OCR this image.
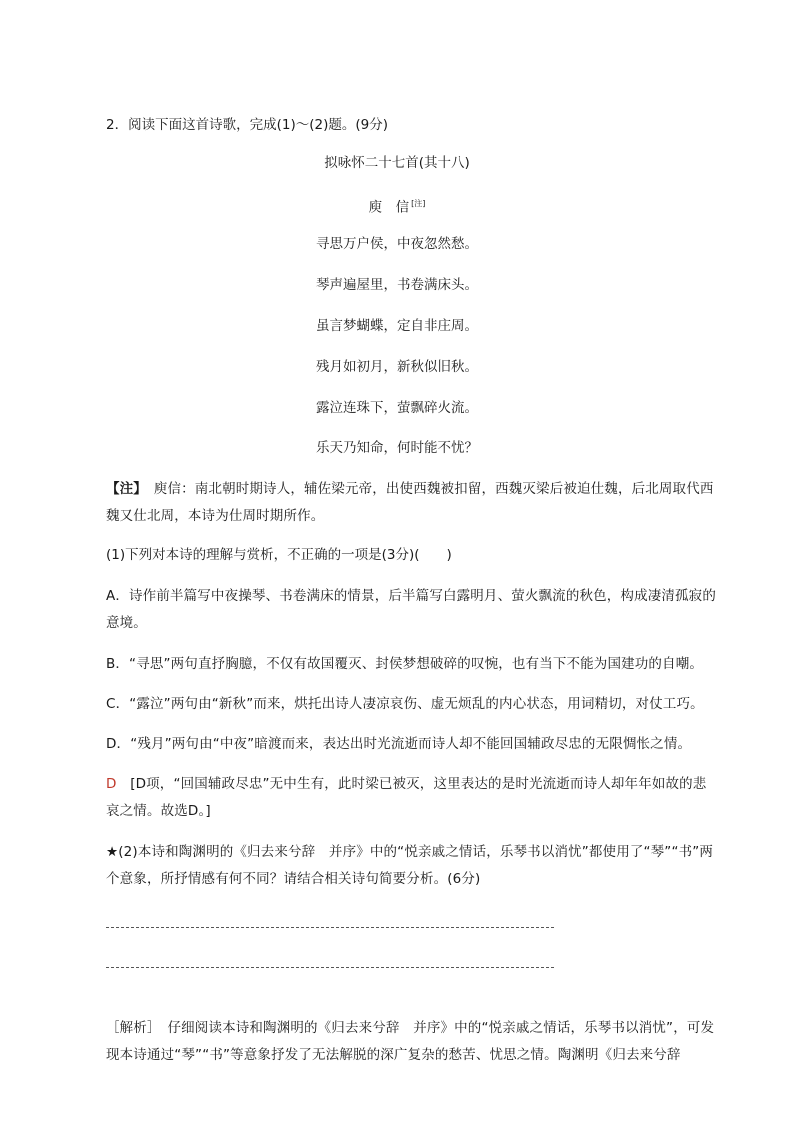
2．阅读下面这首诗歌，完成(1)～(2)题。(9分)
拟咏怀二十七首(其十八)
庾　信 [注]
寻思万户侯，中夜忽然愁。
琴声遍屋里，书卷满床头。
虽言梦蝴蝶，定自非庄周。
残月如初月，新秋似旧秋。
露泣连珠下，萤飘碎火流。
乐天乃知命，何时能不忧？
【注】　庾信：南北朝时期诗人，辅佐梁元帝，出使西魏被扣留，西魏灭梁后被迫仕魏，后北周取代西魏又仕北周，本诗为仕周时期所作。
(1)下列对本诗的理解与赏析，不正确的一项是(3分)(　　)
A．诗作前半篇写中夜操琴、书卷满床的情景，后半篇写白露明月、萤火飘流的秋色，构成凄清孤寂的意境。
B．“寻思”两句直抒胸臆，不仅有故国覆灭、封侯梦想破碎的叹惋，也有当下不能为国建功的自嘲。
C．“露泣”两句由“新秋”而来，烘托出诗人凄凉哀伤、虚无烦乱的内心状态，用词精切，对仗工巧。
D．“残月”两句由“中夜”暗渡而来，表达出时光流逝而诗人却不能回国辅政尽忠的无限惆怅之情。
D　[D项，“回国辅政尽忠”无中生有，此时梁已被灭，这里表达的是时光流逝而诗人却年年如故的悲哀之情。故选D。]
★(2)本诗和陶渊明的《归去来兮辞　并序》中的“悦亲戚之情话，乐琴书以消忧”都使用了“琴”“书”两个意象，所抒情感有何不同？请结合相关诗句简要分析。(6分)
［解析］　仔细阅读本诗和陶渊明的《归去来兮辞　并序》中的“悦亲戚之情话，乐琴书以消忧”，可发现本诗通过“琴”“书”等意象抒发了无法解脱的深广复杂的愁苦、忧思之情。陶渊明《归去来兮辞
